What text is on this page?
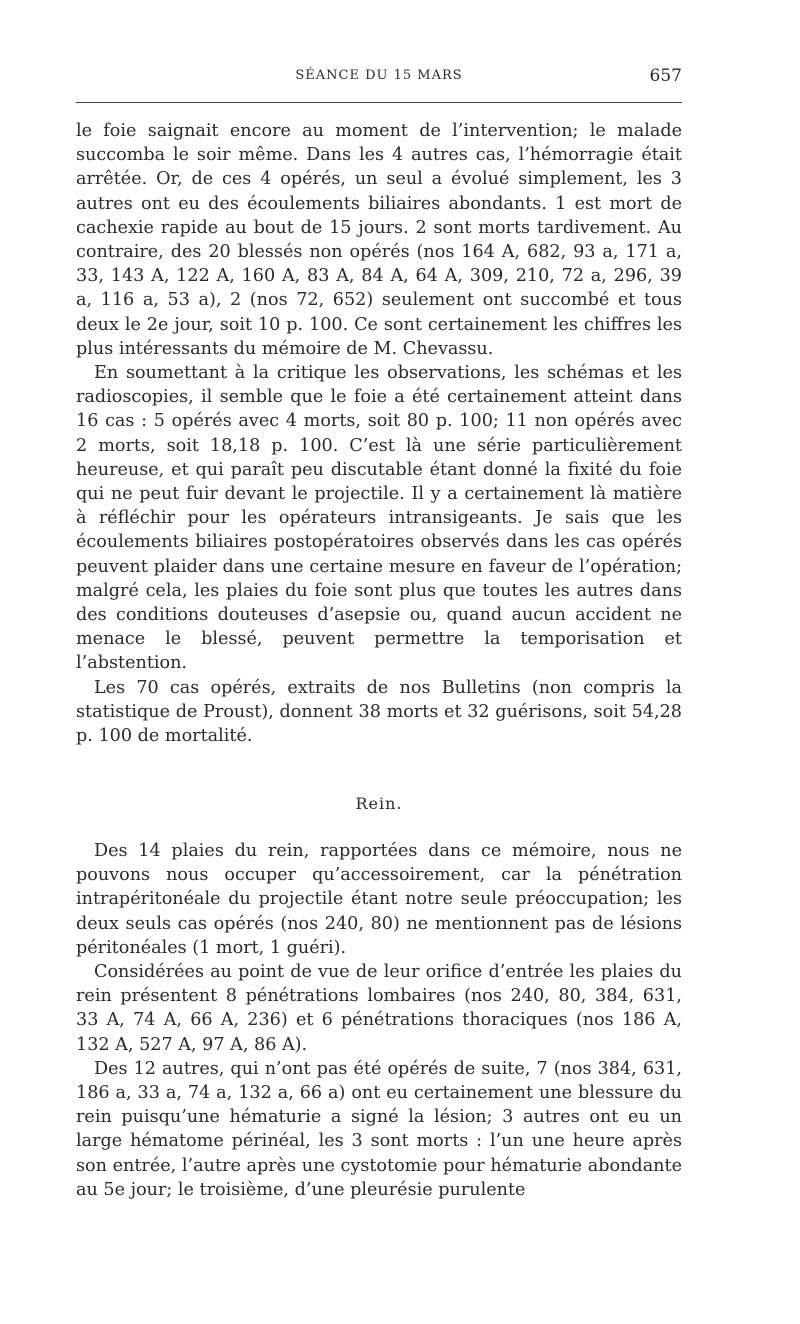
SÉANCE DU 15 MARS	657

le foie saignait encore au moment de l’intervention; le malade succomba le soir même. Dans les 4 autres cas, l’hémorragie était arrêtée. Or, de ces 4 opérés, un seul a évolué simplement, les 3 autres ont eu des écoulements biliaires abondants. 1 est mort de cachexie rapide au bout de 15 jours. 2 sont morts tardivement. Au contraire, des 20 blessés non opérés (nos 164 A, 682, 93 a, 171 a, 33, 143 A, 122 A, 160 A, 83 A, 84 A, 64 A, 309, 210, 72 a, 296, 39 a, 116 a, 53 a), 2 (nos 72, 652) seulement ont succombé et tous deux le 2e jour, soit 10 p. 100. Ce sont certainement les chiffres les plus intéressants du mémoire de M. Chevassu.

En soumettant à la critique les observations, les schémas et les radioscopies, il semble que le foie a été certainement atteint dans 16 cas : 5 opérés avec 4 morts, soit 80 p. 100; 11 non opérés avec 2 morts, soit 18,18 p. 100. C’est là une série particulièrement heureuse, et qui paraît peu discutable étant donné la fixité du foie qui ne peut fuir devant le projectile. Il y a certainement là matière à réfléchir pour les opérateurs intransigeants. Je sais que les écoulements biliaires postopératoires observés dans les cas opérés peuvent plaider dans une certaine mesure en faveur de l’opération; malgré cela, les plaies du foie sont plus que toutes les autres dans des conditions douteuses d’asepsie ou, quand aucun accident ne menace le blessé, peuvent permettre la temporisation et l’abstention.

Les 70 cas opérés, extraits de nos Bulletins (non compris la statistique de Proust), donnent 38 morts et 32 guérisons, soit 54,28 p. 100 de mortalité.

Rein.

Des 14 plaies du rein, rapportées dans ce mémoire, nous ne pouvons nous occuper qu’accessoirement, car la pénétration intrapéritonéale du projectile étant notre seule préoccupation; les deux seuls cas opérés (nos 240, 80) ne mentionnent pas de lésions péritonéales (1 mort, 1 guéri).

Considérées au point de vue de leur orifice d’entrée les plaies du rein présentent 8 pénétrations lombaires (nos 240, 80, 384, 631, 33 A, 74 A, 66 A, 236) et 6 pénétrations thoraciques (nos 186 A, 132 A, 527 A, 97 A, 86 A).

Des 12 autres, qui n’ont pas été opérés de suite, 7 (nos 384, 631, 186 a, 33 a, 74 a, 132 a, 66 a) ont eu certainement une blessure du rein puisqu’une hématurie a signé la lésion; 3 autres ont eu un large hématome périnéal, les 3 sont morts : l’un une heure après son entrée, l’autre après une cystotomie pour hématurie abondante au 5e jour; le troisième, d’une pleurésie purulente
